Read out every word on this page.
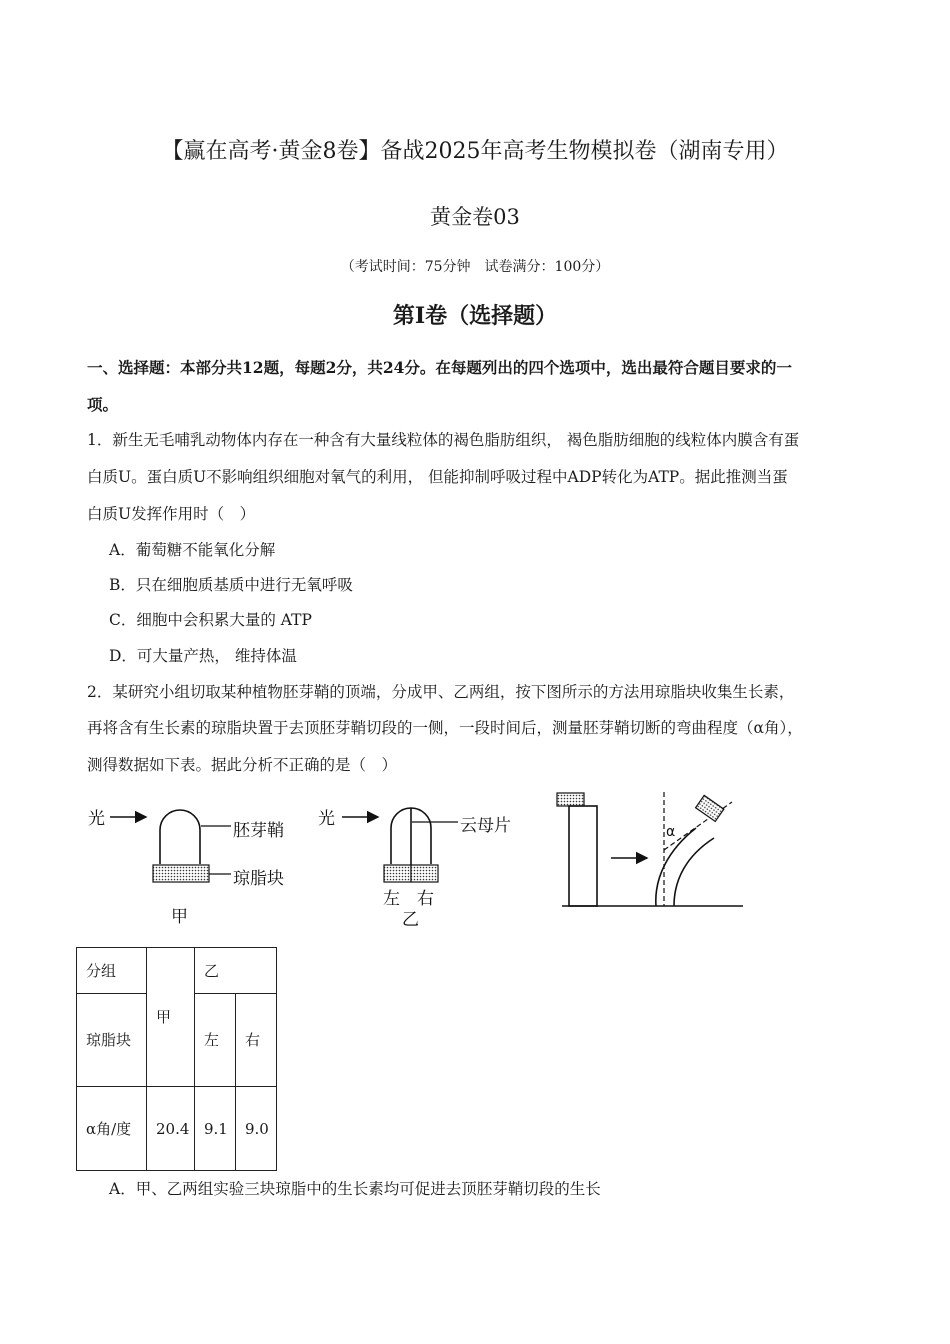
【赢在高考·黄金8卷】备战2025年高考生物模拟卷（湖南专用）
黄金卷03
（考试时间：75分钟　试卷满分：100分）
第I卷（选择题）
一、选择题：本部分共12题，每题2分，共24分。在每题列出的四个选项中，选出最符合题目要求的一
项。
1．新生无毛哺乳动物体内存在一种含有大量线粒体的褐色脂肪组织， 褐色脂肪细胞的线粒体内膜含有蛋
白质U。蛋白质U不影响组织细胞对氧气的利用， 但能抑制呼吸过程中ADP转化为ATP。据此推测当蛋
白质U发挥作用时（　）
A．葡萄糖不能氧化分解
B．只在细胞质基质中进行无氧呼吸
C．细胞中会积累大量的 ATP
D．可大量产热， 维持体温
2．某研究小组切取某种植物胚芽鞘的顶端，分成甲、乙两组，按下图所示的方法用琼脂块收集生长素，
再将含有生长素的琼脂块置于去顶胚芽鞘切段的一侧，一段时间后，测量胚芽鞘切断的弯曲程度（α角），
测得数据如下表。据此分析不正确的是（　）
光
胚芽鞘
琼脂块
甲
光	云母片
左 右
乙
α
分组	甲	乙	
琼脂块		左	右
α角/度	20.4	9.1	9.0
A．甲、乙两组实验三块琼脂中的生长素均可促进去顶胚芽鞘切段的生长
